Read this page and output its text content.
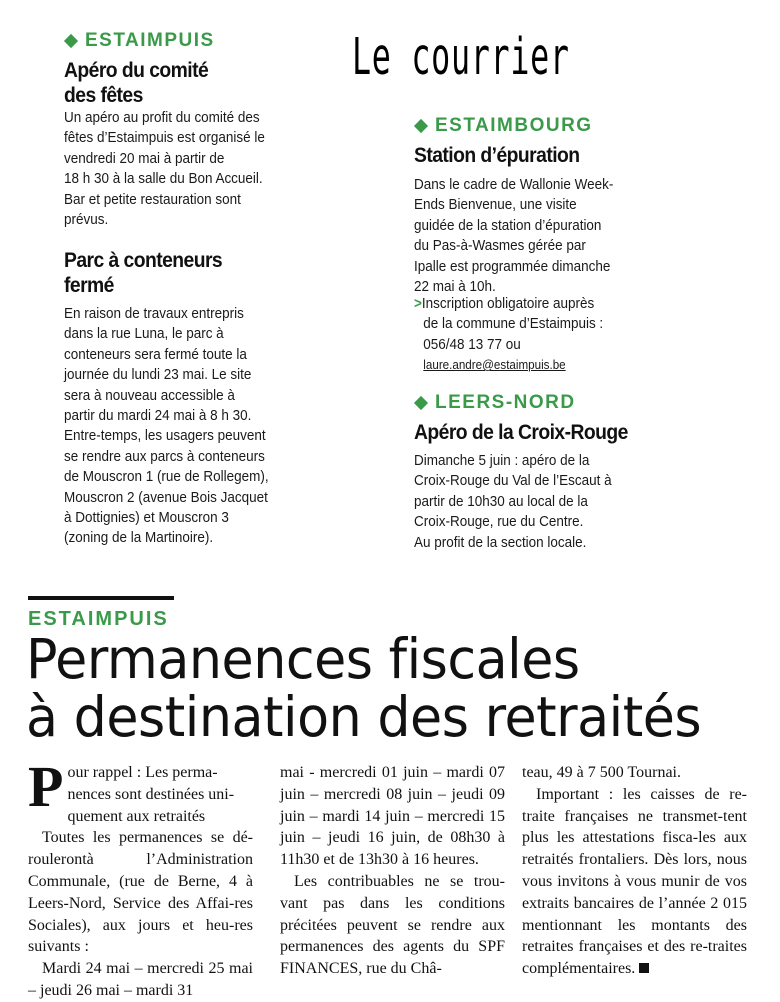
Le courrier
ESTAIMPUIS
Apéro du comité
des fêtes
Un apéro au profit du comité des
fêtes d’Estaimpuis est organisé le
vendredi 20 mai à partir de
18 h 30 à la salle du Bon Accueil.
Bar et petite restauration sont
prévus.
Parc à conteneurs
fermé
En raison de travaux entrepris
dans la rue Luna, le parc à
conteneurs sera fermé toute la
journée du lundi 23 mai. Le site
sera à nouveau accessible à
partir du mardi 24 mai à 8 h 30.
Entre-temps, les usagers peuvent
se rendre aux parcs à conteneurs
de Mouscron 1 (rue de Rollegem),
Mouscron 2 (avenue Bois Jacquet
à Dottignies) et Mouscron 3
(zoning de la Martinoire).
ESTAIMBOURG
Station d’épuration
Dans le cadre de Wallonie Week-
Ends Bienvenue, une visite
guidée de la station d’épuration
du Pas-à-Wasmes gérée par
Ipalle est programmée dimanche
22 mai à 10h.
>Inscription obligatoire auprès
de la commune d’Estaimpuis :
056/48 13 77 ou
laure.andre@estaimpuis.be
LEERS-NORD
Apéro de la Croix-Rouge
Dimanche 5 juin : apéro de la
Croix-Rouge du Val de l’Escaut à
partir de 10h30 au local de la
Croix-Rouge, rue du Centre.
Au profit de la section locale.
ESTAIMPUIS
Permanences fiscales
à destination des retraités
P our rappel : Les perma-
nences sont destinées uni-
quement aux retraités

Toutes les permanences se dé-roulerontà l’Administration Communale, (rue de Berne, 4 à Leers-Nord, Service des Affai-res Sociales), aux jours et heu-res suivants :

Mardi 24 mai – mercredi 25 mai – jeudi 26 mai – mardi 31

mai - mercredi 01 juin – mardi 07 juin – mercredi 08 juin – jeudi 09 juin – mardi 14 juin – mercredi 15 juin – jeudi 16 juin, de 08h30 à 11h30 et de 13h30 à 16 heures.

Les contribuables ne se trou-vant pas dans les conditions précitées peuvent se rendre aux permanences des agents du SPF FINANCES, rue du Châ-

teau, 49 à 7 500 Tournai.

Important : les caisses de re-traite françaises ne transmet-tent plus les attestations fisca-les aux retraités frontaliers. Dès lors, nous vous invitons à vous munir de vos extraits bancaires de l’année 2 015 mentionnant les montants des retraites françaises et des re-traites complémentaires.
